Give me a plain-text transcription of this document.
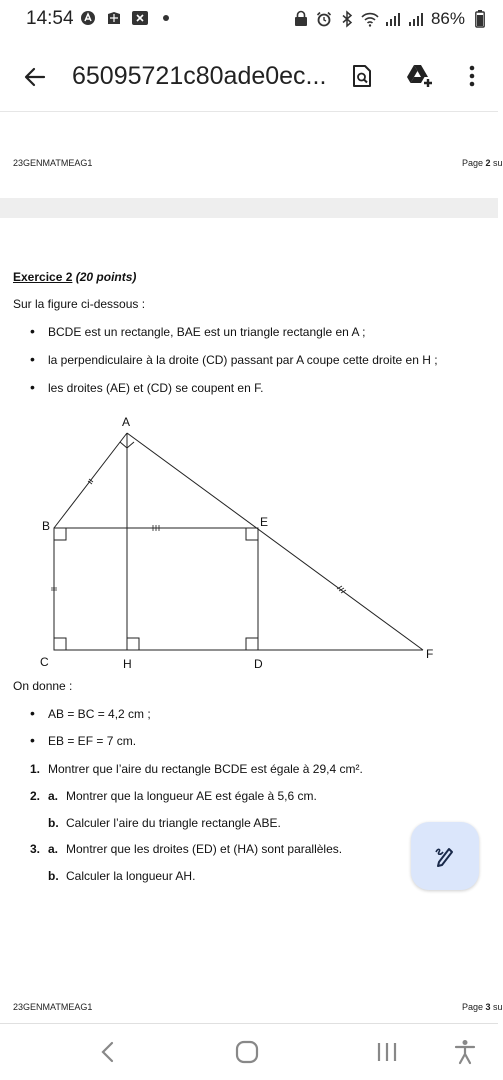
14:54	86%
65095721c80ade0ec...
23GENMATMEAG1	Page 2 su
Exercice 2 (20 points)
Sur la figure ci-dessous :
•	BCDE est un rectangle, BAE est un triangle rectangle en A ;
•	la perpendiculaire à la droite (CD) passant par A coupe cette droite en H ;
•	les droites (AE) et (CD) se coupent en F.
A
B	E
C	H	D
F
On donne :
•	AB = BC = 4,2 cm ;
•	EB = EF = 7 cm.
1. Montrer que l’aire du rectangle BCDE est égale à 29,4 cm².
2. a. Montrer que la longueur AE est égale à 5,6 cm.
b. Calculer l’aire du triangle rectangle ABE.
3. a. Montrer que les droites (ED) et (HA) sont parallèles.
b. Calculer la longueur AH.
23GENMATMEAG1	Page 3 su
